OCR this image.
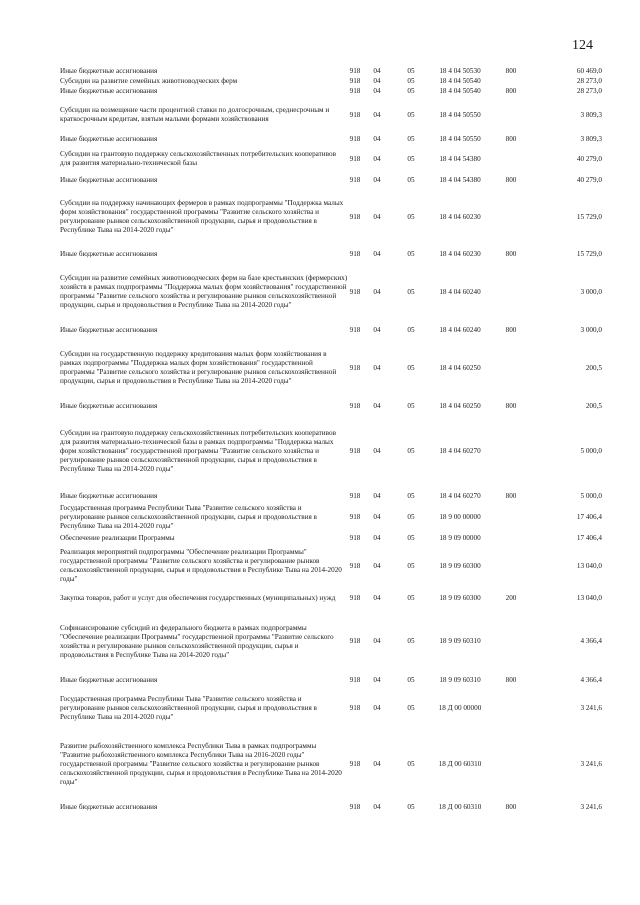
124
Иные бюджетные ассигнования	918	04	05	18 4 04 50530	800	60 469,0
Субсидии на развитие семейных животноводческих ферм	918	04	05	18 4 04 50540		28 273,0
Иные бюджетные ассигнования	918	04	05	18 4 04 50540	800	28 273,0
Субсидии на возмещение части процентной ставки по долгосрочным, среднесрочным и краткосрочным кредитам, взятым малыми формами хозяйствования	918	04	05	18 4 04 50550		3 809,3
Иные бюджетные ассигнования	918	04	05	18 4 04 50550	800	3 809,3
Субсидии на грантовую поддержку сельскохозяйственных потребительских кооперативов для развития материально-технической базы	918	04	05	18 4 04 54380		40 279,0
Иные бюджетные ассигнования	918	04	05	18 4 04 54380	800	40 279,0
Субсидии на поддержку начинающих фермеров в рамках подпрограммы "Поддержка малых форм хозяйствования" государственной программы "Развитие сельского хозяйства и регулирование рынков сельскохозяйственной продукции, сырья и продовольствия в Республике Тыва на 2014-2020 годы"	918	04	05	18 4 04 60230		15 729,0
Иные бюджетные ассигнования	918	04	05	18 4 04 60230	800	15 729,0
Субсидии на развитие семейных животноводческих ферм на базе крестьянских (фермерских) хозяйств в рамках подпрограммы "Поддержка малых форм хозяйствования" государственной программы "Развитие сельского хозяйства и регулирование рынков сельскохозяйственной продукции, сырья и продовольствия в Республике Тыва на 2014-2020 годы"	918	04	05	18 4 04 60240		3 000,0
Иные бюджетные ассигнования	918	04	05	18 4 04 60240	800	3 000,0
Субсидии на государственную поддержку кредитования малых форм хозяйствования в рамках подпрограммы "Поддержка малых форм хозяйствования" государственной программы "Развитие сельского хозяйства и регулирование рынков сельскохозяйственной продукции, сырья и продовольствия в Республике Тыва на 2014-2020 годы"	918	04	05	18 4 04 60250		200,5
Иные бюджетные ассигнования	918	04	05	18 4 04 60250	800	200,5
Субсидии на грантовую поддержку сельскохозяйственных потребительских кооперативов для развития материально-технической базы в рамках подпрограммы "Поддержка малых форм хозяйствования" государственной программы "Развитие сельского хозяйства и регулирование рынков сельскохозяйственной продукции, сырья и продовольствия в Республике Тыва на 2014-2020 годы"	918	04	05	18 4 04 60270		5 000,0
Иные бюджетные ассигнования	918	04	05	18 4 04 60270	800	5 000,0
Государственная программа Республики Тыва "Развитие сельского хозяйства и регулирование рынков сельскохозяйственной продукции, сырья и продовольствия в Республике Тыва на 2014-2020 годы"	918	04	05	18 9 00 00000		17 406,4
Обеспечение реализации Программы	918	04	05	18 9 09 00000		17 406,4
Реализация мероприятий подпрограммы "Обеспечение реализации Программы" государственной программы "Развитие сельского хозяйства и регулирование рынков сельскохозяйственной продукции, сырья и продовольствия в Республике Тыва на 2014-2020 годы"	918	04	05	18 9 09 60300		13 040,0
Закупка товаров, работ и услуг для обеспечения государственных (муниципальных) нужд	918	04	05	18 9 09 60300	200	13 040,0
Софинансирование субсидий из федерального бюджета в рамках подпрограммы "Обеспечение реализации Программы" государственной программы "Развитие сельского хозяйства и регулирование рынков сельскохозяйственной продукции, сырья и продовольствия в Республике Тыва на 2014-2020 годы"	918	04	05	18 9 09 60310		4 366,4
Иные бюджетные ассигнования	918	04	05	18 9 09 60310	800	4 366,4
Государственная программа Республики Тыва "Развитие сельского хозяйства и регулирование рынков сельскохозяйственной продукции, сырья и продовольствия в Республике Тыва на 2014-2020 годы"	918	04	05	18 Д 00 00000		3 241,6
Развитие рыбохозяйственного комплекса Республики Тыва в рамках подпрограммы "Развитие рыбохозяйственного комплекса Республики Тыва на 2016-2020 годы" государственной программы "Развитие сельского хозяйства и регулирование рынков сельскохозяйственной продукции, сырья и продовольствия в Республике Тыва на 2014-2020 годы"	918	04	05	18 Д 00 60310		3 241,6
Иные бюджетные ассигнования	918	04	05	18 Д 00 60310	800	3 241,6
